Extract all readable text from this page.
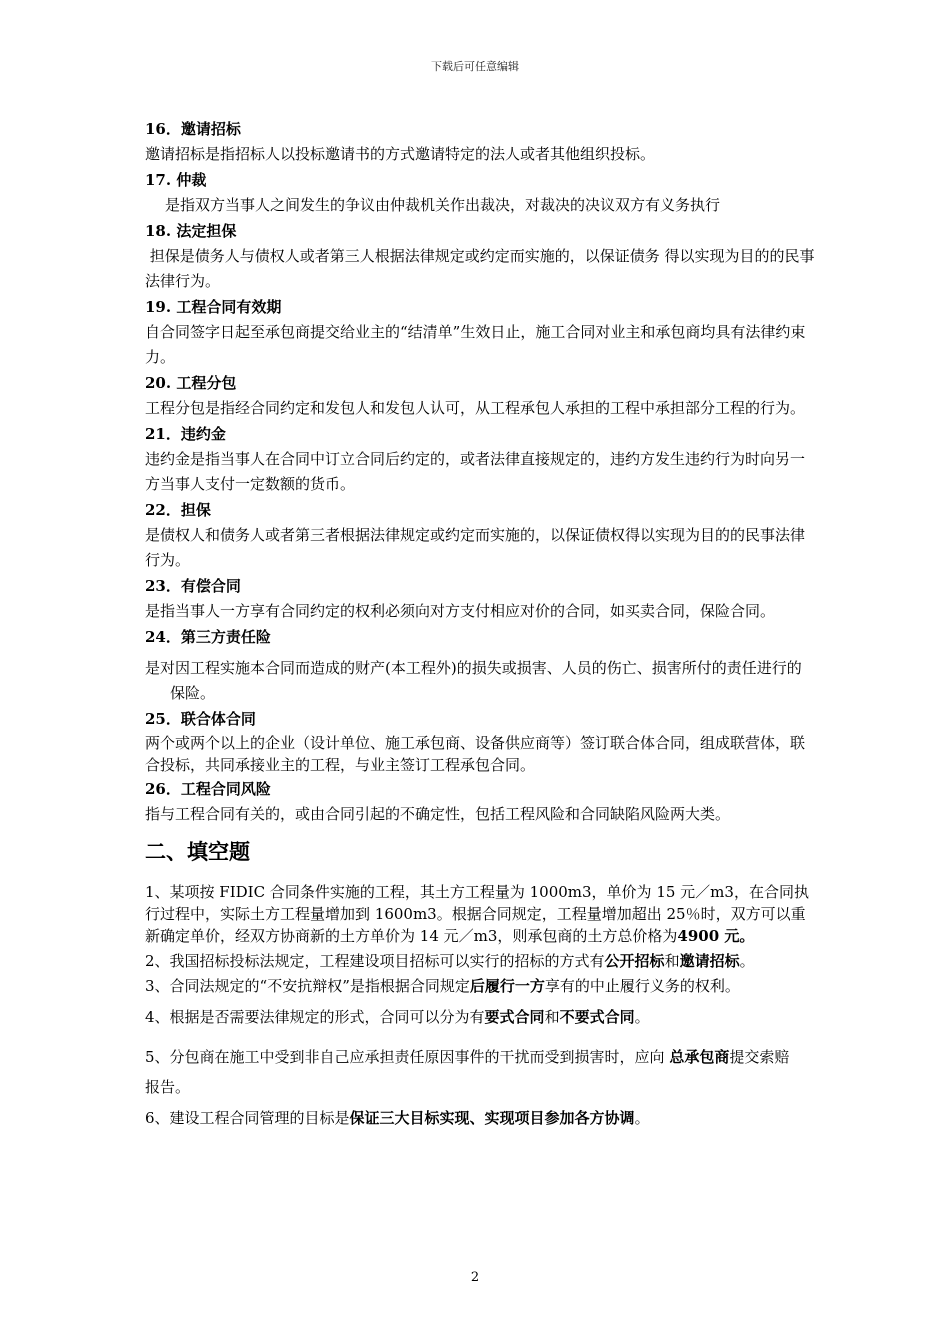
下载后可任意编辑
16．邀请招标
邀请招标是指招标人以投标邀请书的方式邀请特定的法人或者其他组织投标。
17. 仲裁
是指双方当事人之间发生的争议由仲裁机关作出裁决，对裁决的决议双方有义务执行
18. 法定担保
担保是债务人与债权人或者第三人根据法律规定或约定而实施的，以保证债务 得以实现为目的的民事法律行为。
19. 工程合同有效期
自合同签字日起至承包商提交给业主的“结清单”生效日止，施工合同对业主和承包商均具有法律约束力。
20. 工程分包
工程分包是指经合同约定和发包人和发包人认可，从工程承包人承担的工程中承担部分工程的行为。
21．违约金
违约金是指当事人在合同中订立合同后约定的，或者法律直接规定的，违约方发生违约行为时向另一方当事人支付一定数额的货币。
22．担保
是债权人和债务人或者第三者根据法律规定或约定而实施的，以保证债权得以实现为目的的民事法律行为。
23．有偿合同
是指当事人一方享有合同约定的权利必须向对方支付相应对价的合同，如买卖合同，保险合同。
24．第三方责任险
是对因工程实施本合同而造成的财产(本工程外)的损失或损害、人员的伤亡、损害所付的责任进行的保险。
25．联合体合同
两个或两个以上的企业（设计单位、施工承包商、设备供应商等）签订联合体合同，组成联营体，联合投标，共同承接业主的工程，与业主签订工程承包合同。
26．工程合同风险
指与工程合同有关的，或由合同引起的不确定性，包括工程风险和合同缺陷风险两大类。
二、填空题
1、某项按 FIDIC 合同条件实施的工程，其土方工程量为 1000m3，单价为 15 元／m3，在合同执行过程中，实际土方工程量增加到 1600m3。根据合同规定，工程量增加超出 25％时，双方可以重新确定单价，经双方协商新的土方单价为 14 元／m3，则承包商的土方总价格为4900 元。
2、我国招标投标法规定，工程建设项目招标可以实行的招标的方式有公开招标和邀请招标。
3、合同法规定的“不安抗辩权”是指根据合同规定后履行一方享有的中止履行义务的权利。
4、根据是否需要法律规定的形式，合同可以分为有要式合同和不要式合同。
5、分包商在施工中受到非自己应承担责任原因事件的干扰而受到损害时，应向 总承包商提交索赔报告。
6、建设工程合同管理的目标是保证三大目标实现、实现项目参加各方协调。
2
